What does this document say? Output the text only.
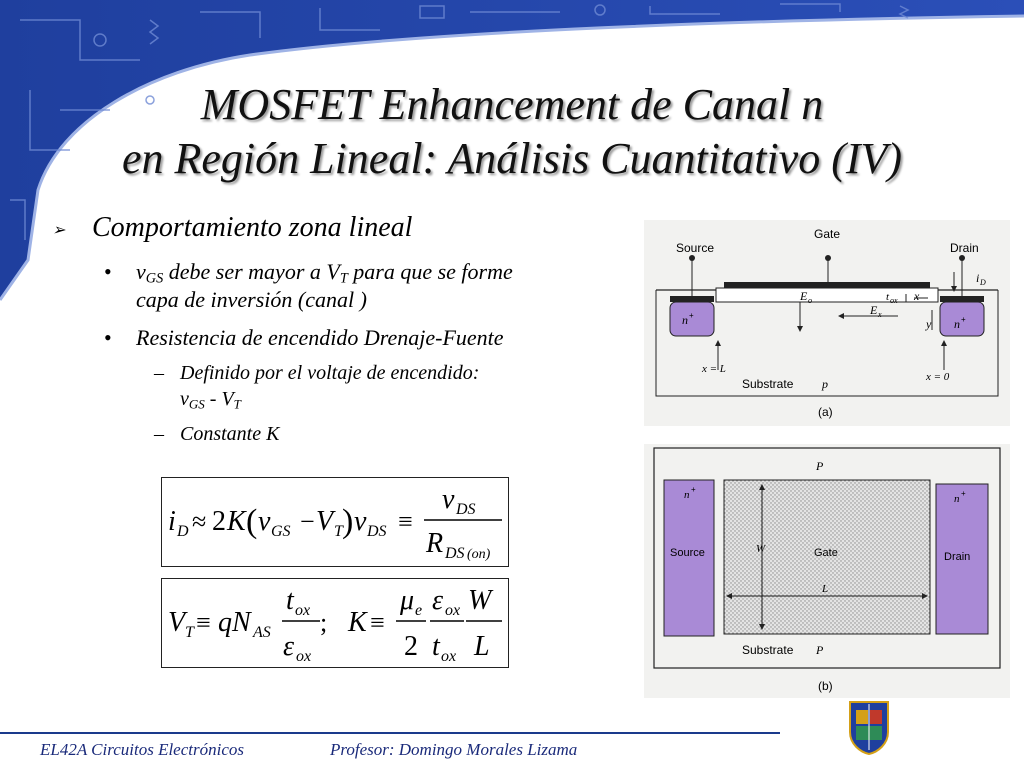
MOSFET Enhancement de Canal n
en Región Lineal: Análisis Cuantitativo (IV)
➢ Comportamiento zona lineal
• $v_{GS}$ debe ser mayor a $V_T$ para que se forme
capa de inversión (canal )
• Resistencia de encendido Drenaje-Fuente
– Definido por el voltaje de encendido:
$v_{GS} - V_T$
– Constante K
i D ≈ 2 K ( v GS − V T ) v DS ≡
v DS
R DS (on)
V T ≡ q N AS
t ox
ε ox
; K ≡
μ e
2
ε ox
t ox
W
L
Source
Gate
Drain
i D
E o
E x
t ox x
y
n +
n +
x = L
x = 0
Substrate p
(a)
P
n +
n +
Source	Gate	Drain
W
L
Substrate P
(b)
EL42A Circuitos Electrónicos	Profesor: Domingo Morales Lizama
